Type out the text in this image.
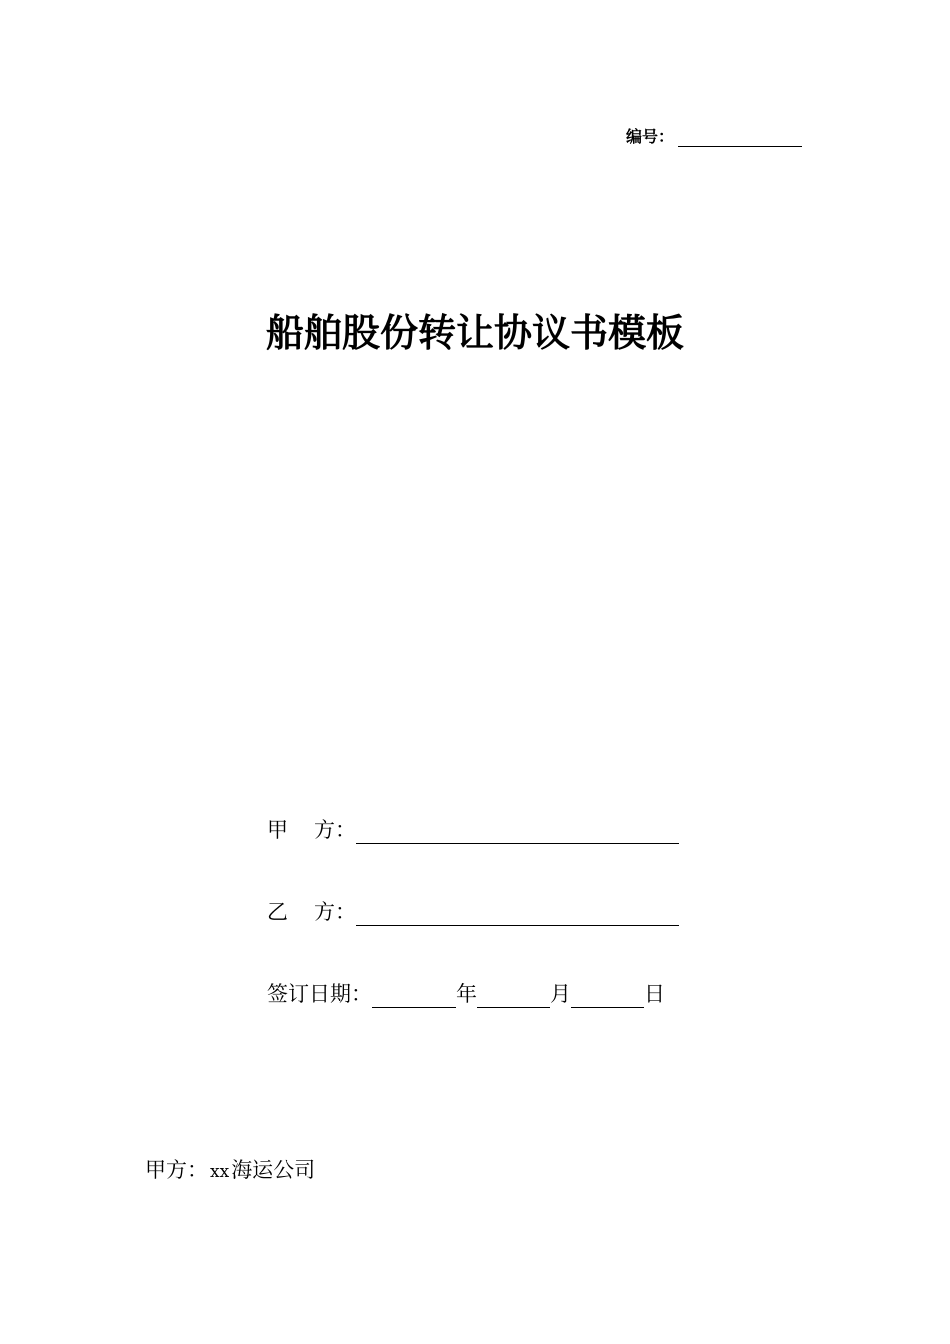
编号：
船舶股份转让协议书模板
甲 方：
乙 方：
签订日期：	年	月	日
甲方： xx海运公司
